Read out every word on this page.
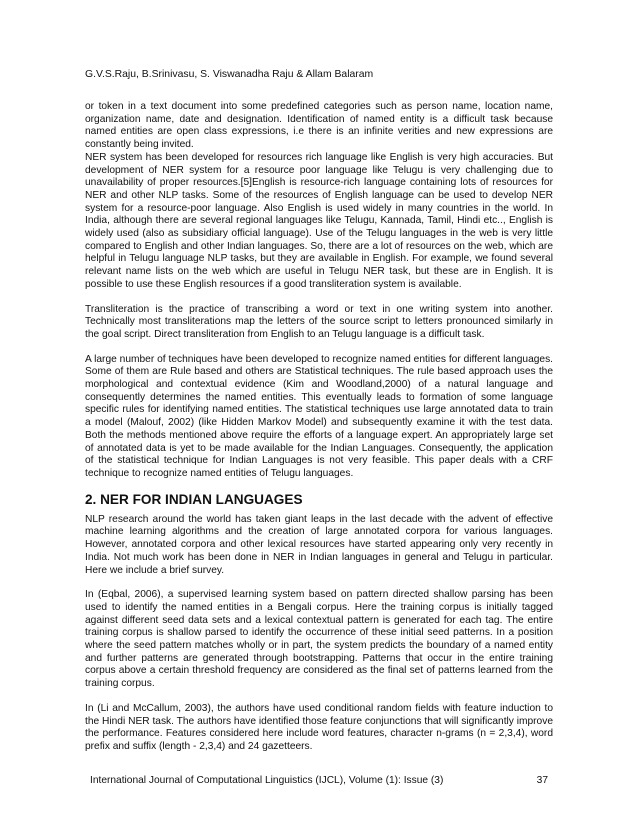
G.V.S.Raju, B.Srinivasu, S. Viswanadha Raju & Allam Balaram

or token in a text document into some predefined categories such as person name, location name, organization name, date and designation. Identification of named entity is a difficult task because named entities are open class expressions, i.e there is an infinite verities and new expressions are constantly being invited.
NER system has been developed for resources rich language like English is very high accuracies. But development of NER system for a resource poor language like Telugu is very challenging due to unavailability of proper resources.[5]English is resource-rich language containing lots of resources for NER and other NLP tasks. Some of the resources of English language can be used to develop NER system for a resource-poor language. Also English is used widely in many countries in the world. In India, although there are several regional languages like Telugu, Kannada, Tamil, Hindi etc.., English is widely used (also as subsidiary official language). Use of the Telugu languages in the web is very little compared to English and other Indian languages. So, there are a lot of resources on the web, which are helpful in Telugu language NLP tasks, but they are available in English. For example, we found several relevant name lists on the web which are useful in Telugu NER task, but these are in English. It is possible to use these English resources if a good transliteration system is available.

Transliteration is the practice of transcribing a word or text in one writing system into another. Technically most transliterations map the letters of the source script to letters pronounced similarly in the goal script. Direct transliteration from English to an Telugu language is a difficult task.

A large number of techniques have been developed to recognize named entities for different languages. Some of them are Rule based and others are Statistical techniques. The rule based approach uses the morphological and contextual evidence (Kim and Woodland,2000) of a natural language and consequently determines the named entities. This eventually leads to formation of some language specific rules for identifying named entities. The statistical techniques use large annotated data to train a model (Malouf, 2002) (like Hidden Markov Model) and subsequently examine it with the test data. Both the methods mentioned above require the efforts of a language expert. An appropriately large set of annotated data is yet to be made available for the Indian Languages. Consequently, the application of the statistical technique for Indian Languages is not very feasible. This paper deals with a CRF technique to recognize named entities of Telugu languages.

2. NER FOR INDIAN LANGUAGES

NLP research around the world has taken giant leaps in the last decade with the advent of effective machine learning algorithms and the creation of large annotated corpora for various languages. However, annotated corpora and other lexical resources have started appearing only very recently in India. Not much work has been done in NER in Indian languages in general and Telugu in particular. Here we include a brief survey.

In (Eqbal, 2006), a supervised learning system based on pattern directed shallow parsing has been used to identify the named entities in a Bengali corpus. Here the training corpus is initially tagged against different seed data sets and a lexical contextual pattern is generated for each tag. The entire training corpus is shallow parsed to identify the occurrence of these initial seed patterns. In a position where the seed pattern matches wholly or in part, the system predicts the boundary of a named entity and further patterns are generated through bootstrapping. Patterns that occur in the entire training corpus above a certain threshold frequency are considered as the final set of patterns learned from the training corpus.

In (Li and McCallum, 2003), the authors have used conditional random fields with feature induction to the Hindi NER task. The authors have identified those feature conjunctions that will significantly improve the performance. Features considered here include word features, character n-grams (n = 2,3,4), word prefix and suffix (length - 2,3,4) and 24 gazetteers.

International Journal of Computational Linguistics (IJCL), Volume (1): Issue (3)	37
